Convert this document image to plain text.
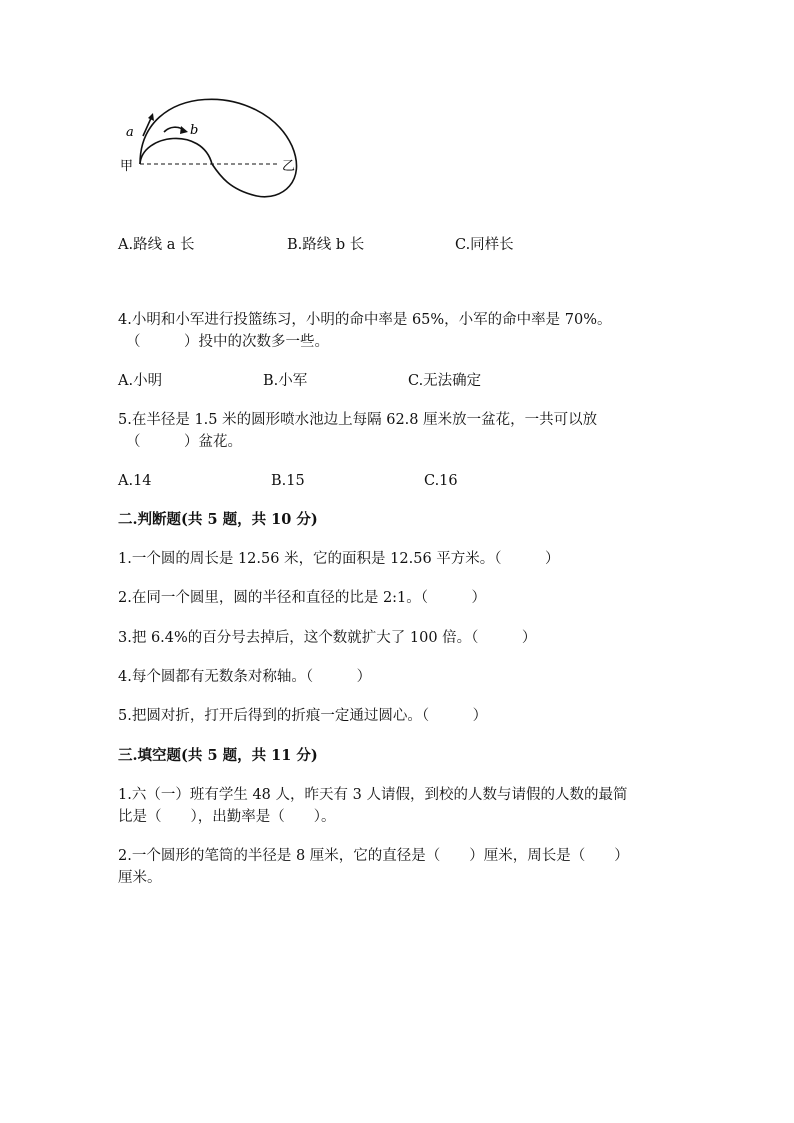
a	b
甲	乙
A.路线 a 长	B.路线 b 长	C.同样长
4.小明和小军进行投篮练习，小明的命中率是 65%，小军的命中率是 70%。
（　　　）投中的次数多一些。
A.小明	B.小军	C.无法确定
5.在半径是 1.5 米的圆形喷水池边上每隔 62.8 厘米放一盆花，一共可以放
（　　　）盆花。
A.14	B.15	C.16
二.判断题(共 5 题，共 10 分)
1.一个圆的周长是 12.56 米，它的面积是 12.56 平方米。（　　　）
2.在同一个圆里，圆的半径和直径的比是 2:1。（　　　）
3.把 6.4%的百分号去掉后，这个数就扩大了 100 倍。（　　　）
4.每个圆都有无数条对称轴。（　　　）
5.把圆对折，打开后得到的折痕一定通过圆心。（　　　）
三.填空题(共 5 题，共 11 分)
1.六（一）班有学生 48 人，昨天有 3 人请假，到校的人数与请假的人数的最简
比是（　　），出勤率是（　　）。
2.一个圆形的笔筒的半径是 8 厘米，它的直径是（　　）厘米，周长是（　　）
厘米。
